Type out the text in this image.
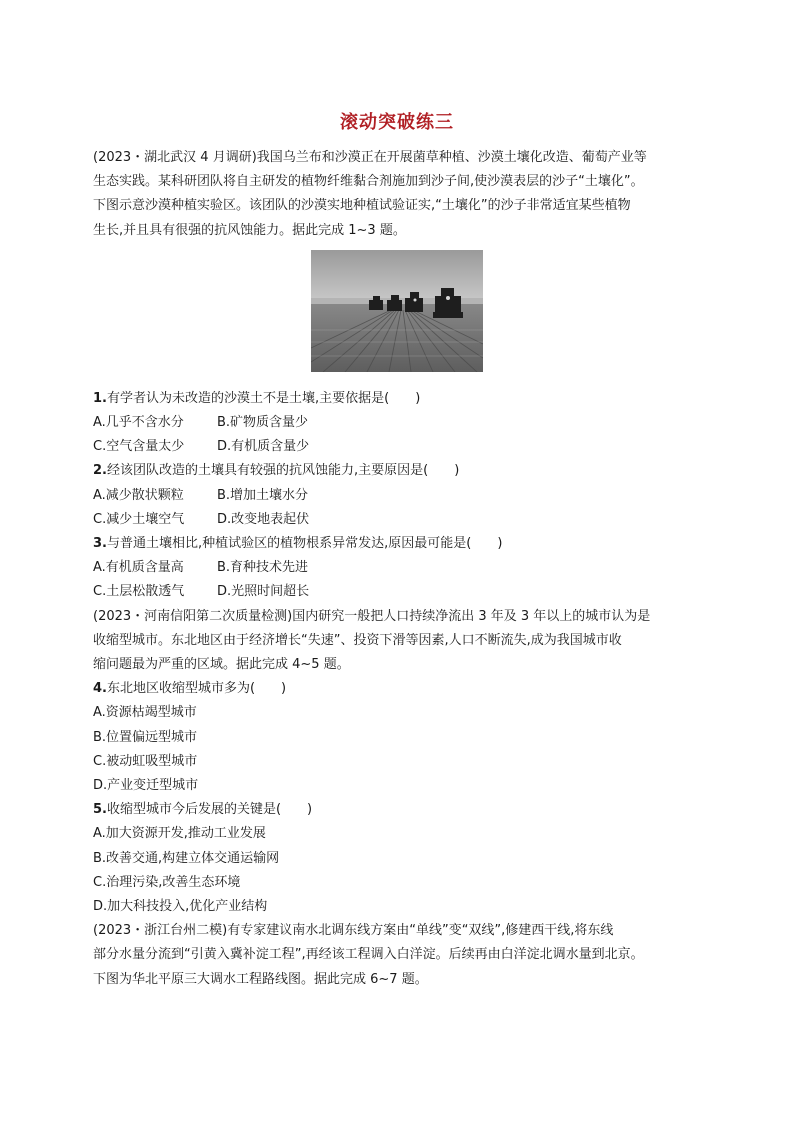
滚动突破练三
(2023・湖北武汉 4 月调研)我国乌兰布和沙漠正在开展菌草种植、沙漠土壤化改造、葡萄产业等
生态实践。某科研团队将自主研发的植物纤维黏合剂施加到沙子间,使沙漠表层的沙子“土壤化”。
下图示意沙漠种植实验区。该团队的沙漠实地种植试验证实,“土壤化”的沙子非常适宜某些植物
生长,并且具有很强的抗风蚀能力。据此完成 1~3 题。
1.有学者认为未改造的沙漠土不是土壤,主要依据是(　　)
A.几乎不含水分	B.矿物质含量少
C.空气含量太少	D.有机质含量少
2.经该团队改造的土壤具有较强的抗风蚀能力,主要原因是(　　)
A.减少散状颗粒	B.增加土壤水分
C.减少土壤空气	D.改变地表起伏
3.与普通土壤相比,种植试验区的植物根系异常发达,原因最可能是(　　)
A.有机质含量高	B.育种技术先进
C.土层松散透气	D.光照时间超长
(2023・河南信阳第二次质量检测)国内研究一般把人口持续净流出 3 年及 3 年以上的城市认为是
收缩型城市。东北地区由于经济增长“失速”、投资下滑等因素,人口不断流失,成为我国城市收
缩问题最为严重的区域。据此完成 4~5 题。
4.东北地区收缩型城市多为(　　)
A.资源枯竭型城市
B.位置偏远型城市
C.被动虹吸型城市
D.产业变迁型城市
5.收缩型城市今后发展的关键是(　　)
A.加大资源开发,推动工业发展
B.改善交通,构建立体交通运输网
C.治理污染,改善生态环境
D.加大科技投入,优化产业结构
(2023・浙江台州二模)有专家建议南水北调东线方案由“单线”变“双线”,修建西干线,将东线
部分水量分流到“引黄入冀补淀工程”,再经该工程调入白洋淀。后续再由白洋淀北调水量到北京。
下图为华北平原三大调水工程路线图。据此完成 6~7 题。
